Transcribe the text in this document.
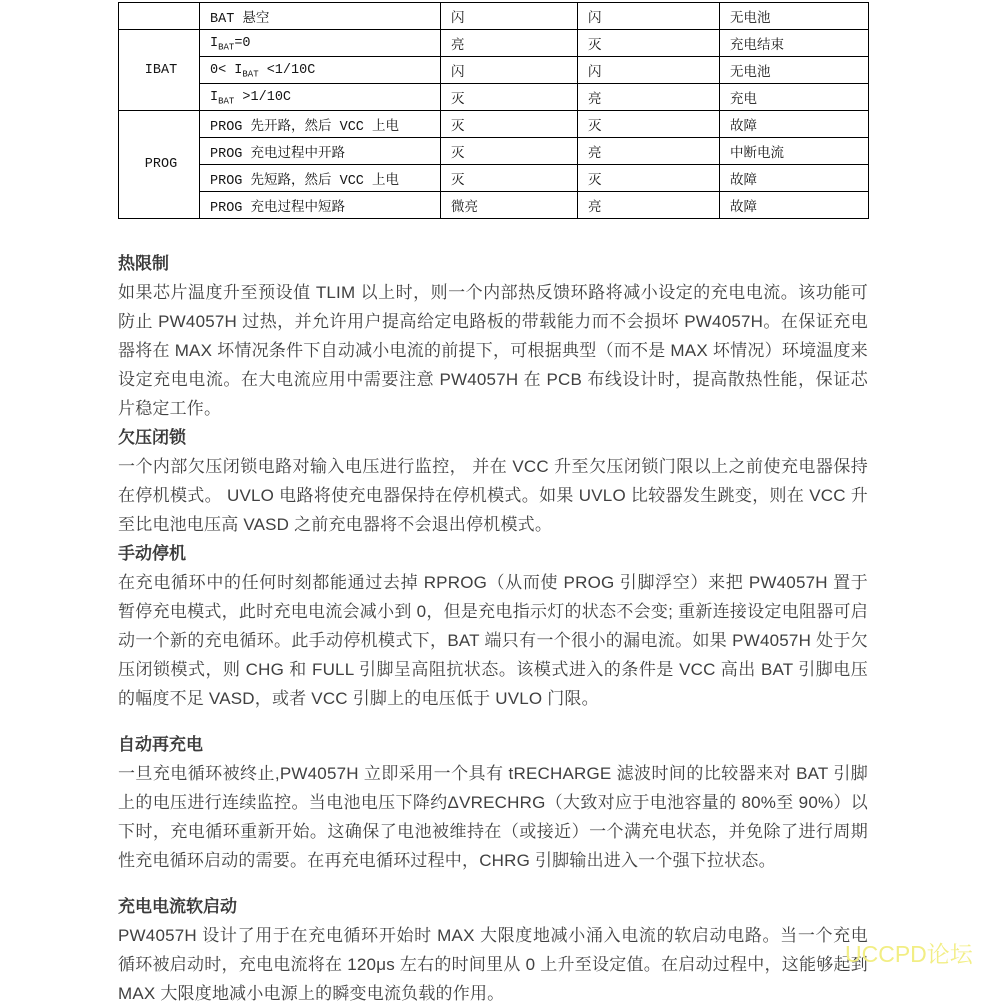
	BAT 悬空	闪	闪	无电池
IBAT	$I_{BAT}=0$	亮	灭	充电结束
	$0< I_{BAT} <1/10C$	闪	闪	无电池
	$I_{BAT} >1/10C$	灭	亮	充电
PROG	PROG 先开路，然后 VCC 上电	灭	灭	故障
	PROG 充电过程中开路	灭	亮	中断电流
	PROG 先短路，然后 VCC 上电	灭	灭	故障
	PROG 充电过程中短路	微亮	亮	故障
热限制

如果芯片温度升至预设值 TLIM 以上时，则一个内部热反馈环路将减小设定的充电电流。该功能可防止 PW4057H 过热，并允许用户提高给定电路板的带载能力而不会损坏 PW4057H。在保证充电器将在 MAX 坏情况条件下自动减小电流的前提下，可根据典型（而不是 MAX 坏情况）环境温度来设定充电电流。在大电流应用中需要注意 PW4057H 在 PCB 布线设计时，提高散热性能，保证芯片稳定工作。

欠压闭锁

一个内部欠压闭锁电路对输入电压进行监控， 并在 VCC 升至欠压闭锁门限以上之前使充电器保持在停机模式。 UVLO 电路将使充电器保持在停机模式。如果 UVLO 比较器发生跳变，则在 VCC 升至比电池电压高 VASD 之前充电器将不会退出停机模式。

手动停机

在充电循环中的任何时刻都能通过去掉 RPROG（从而使 PROG 引脚浮空）来把 PW4057H 置于暂停充电模式，此时充电电流会减小到 0，但是充电指示灯的状态不会变; 重新连接设定电阻器可启动一个新的充电循环。此手动停机模式下，BAT 端只有一个很小的漏电流。如果 PW4057H 处于欠压闭锁模式，则 CHG 和 FULL 引脚呈高阻抗状态。该模式进入的条件是 VCC 高出 BAT 引脚电压的幅度不足 VASD，或者 VCC 引脚上的电压低于 UVLO 门限。

自动再充电

一旦充电循环被终止,PW4057H 立即采用一个具有 tRECHARGE 滤波时间的比较器来对 BAT 引脚上的电压进行连续监控。当电池电压下降约ΔVRECHRG（大致对应于电池容量的 80%至 90%）以下时，充电循环重新开始。这确保了电池被维持在（或接近）一个满充电状态，并免除了进行周期性充电循环启动的需要。在再充电循环过程中，CHRG 引脚输出进入一个强下拉状态。

充电电流软启动

PW4057H 设计了用于在充电循环开始时 MAX 大限度地减小涌入电流的软启动电路。当一个充电循环被启动时，充电电流将在 120μs 左右的时间里从 0 上升至设定值。在启动过程中，这能够起到 MAX 大限度地减小电源上的瞬变电流负载的作用。

UCCPD论坛
